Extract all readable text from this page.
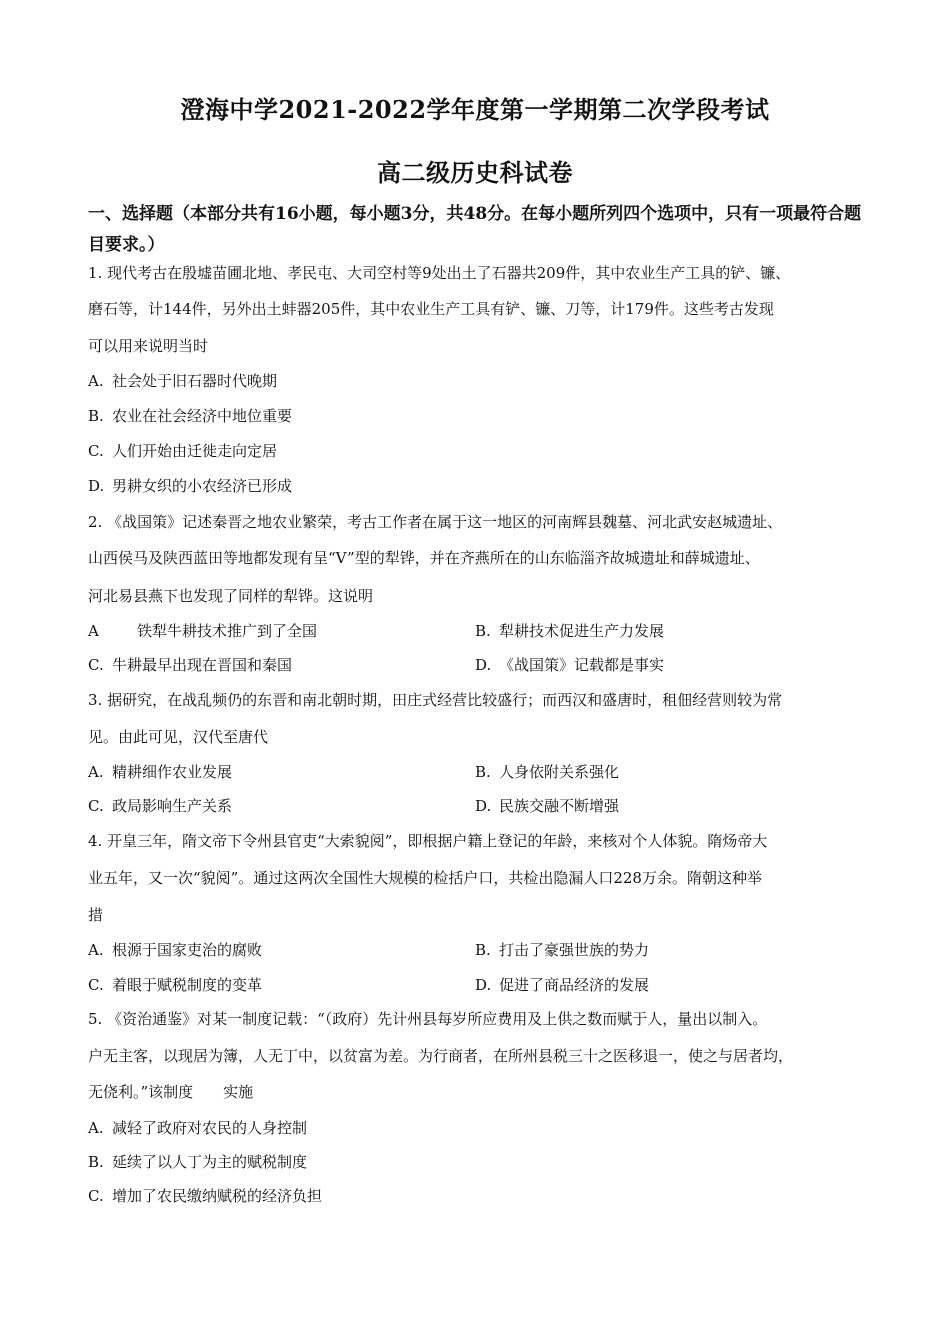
澄海中学2021-2022学年度第一学期第二次学段考试
高二级历史科试卷
一、选择题（本部分共有16小题，每小题3分，共48分。在每小题所列四个选项中，只有一项最符合题目要求。）
1. 现代考古在殷墟苗圃北地、孝民屯、大司空村等9处出土了石器共209件，其中农业生产工具的铲、镰、
磨石等，计144件，另外出土蚌器205件，其中农业生产工具有铲、镰、刀等，计179件。这些考古发现
可以用来说明当时
A. 社会处于旧石器时代晚期
B. 农业在社会经济中地位重要
C. 人们开始由迁徙走向定居
D. 男耕女织的小农经济已形成
2. 《战国策》记述秦晋之地农业繁荣，考古工作者在属于这一地区的河南辉县魏墓、河北武安赵城遗址、
山西侯马及陕西蓝田等地都发现有呈“V”型的犁铧，并在齐燕所在的山东临淄齐故城遗址和薛城遗址、
河北易县燕下也发现了同样的犁铧。这说明
A	铁犁牛耕技术推广到了全国	B. 犁耕技术促进生产力发展
C. 牛耕最早出现在晋国和秦国	D. 《战国策》记载都是事实
3. 据研究，在战乱频仍的东晋和南北朝时期，田庄式经营比较盛行；而西汉和盛唐时，租佃经营则较为常
见。由此可见，汉代至唐代
A. 精耕细作农业发展	B. 人身依附关系强化
C. 政局影响生产关系	D. 民族交融不断增强
4. 开皇三年，隋文帝下令州县官吏“大索貌阅”，即根据户籍上登记的年龄，来核对个人体貌。隋炀帝大
业五年，又一次“貌阅”。通过这两次全国性大规模的检括户口，共检出隐漏人口228万余。隋朝这种举
措
A. 根源于国家吏治的腐败	B. 打击了豪强世族的势力
C. 着眼于赋税制度的变革	D. 促进了商品经济的发展
5. 《资治通鉴》对某一制度记载：“（政府）先计州县每岁所应费用及上供之数而赋于人，量出以制入。
户无主客，以现居为簿，人无丁中，以贫富为差。为行商者，在所州县税三十之医移退一，使之与居者均，
无侥利。”该制度　　实施
A. 减轻了政府对农民的人身控制
B. 延续了以人丁为主的赋税制度
C. 增加了农民缴纳赋税的经济负担
